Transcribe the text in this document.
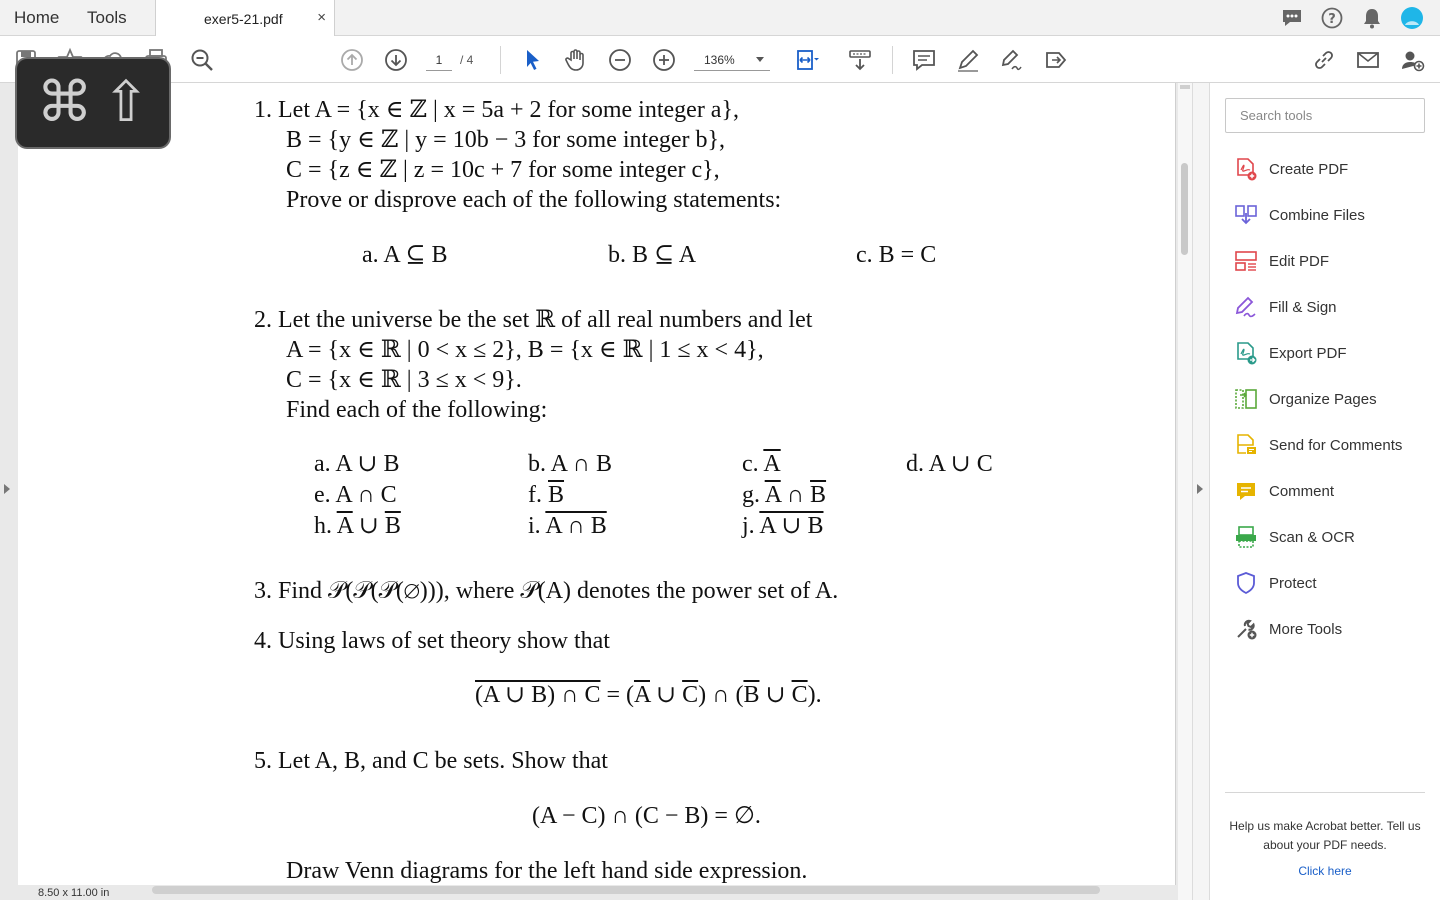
Home Tools	exer5-21.pdf ×	?
1	/ 4	136%
1. Let A = {x ∈ ℤ | x = 5a + 2 for some integer a},
B = {y ∈ ℤ | y = 10b − 3 for some integer b},
C = {z ∈ ℤ | z = 10c + 7 for some integer c},
Prove or disprove each of the following statements:
a. A ⊆ B	b. B ⊆ A	c. B = C
2. Let the universe be the set ℝ of all real numbers and let
A = {x ∈ ℝ | 0 < x ≤ 2}, B = {x ∈ ℝ | 1 ≤ x < 4},
C = {x ∈ ℝ | 3 ≤ x < 9}.
Find each of the following:
a. A ∪ B	b. A ∩ B	c. $\overline{A}$	d. A ∪ C
e. A ∩ C	f. $\overline{B}$	g. $\overline{A}$ ∩ $\overline{B}$
h. $\overline{A}$ ∪ $\overline{B}$	i. A ∩ B	j. A ∪ B
3. Find 𝒫(𝒫(𝒫(∅))), where 𝒫(A) denotes the power set of A.
4. Using laws of set theory show that
(A ∪ B) ∩ $C = (\overline{A}$ ∪ $\overline{C}$) ∩ ($\overline{B}$ ∪ $\overline{C}$).
5. Let A, B, and C be sets. Show that
(A − C) ∩ (C − B) = ∅.
Draw Venn diagrams for the left hand side expression.
8.50 x 11.00 in
⌘ ⇧	Search tools
Create PDF
Combine Files
Edit PDF
Fill & Sign
Export PDF
Organize Pages
Send for Comments
Comment
Scan & OCR
Protect
More Tools
Help us make Acrobat better. Tell us about your PDF needs.
Click here
